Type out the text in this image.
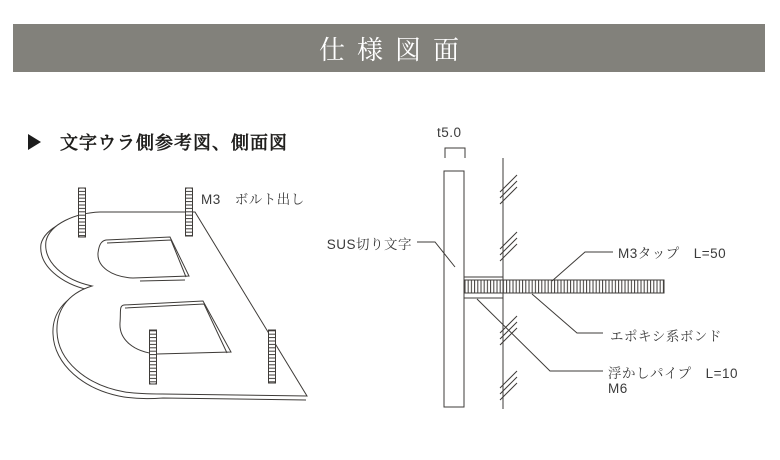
仕様図面
文字ウラ側参考図、側面図
M3　ボルト出し
t5.0
SUS切り文字
M3タップ　L=50
エポキシ系ボンド
浮かしパイプ　L=10
M6
